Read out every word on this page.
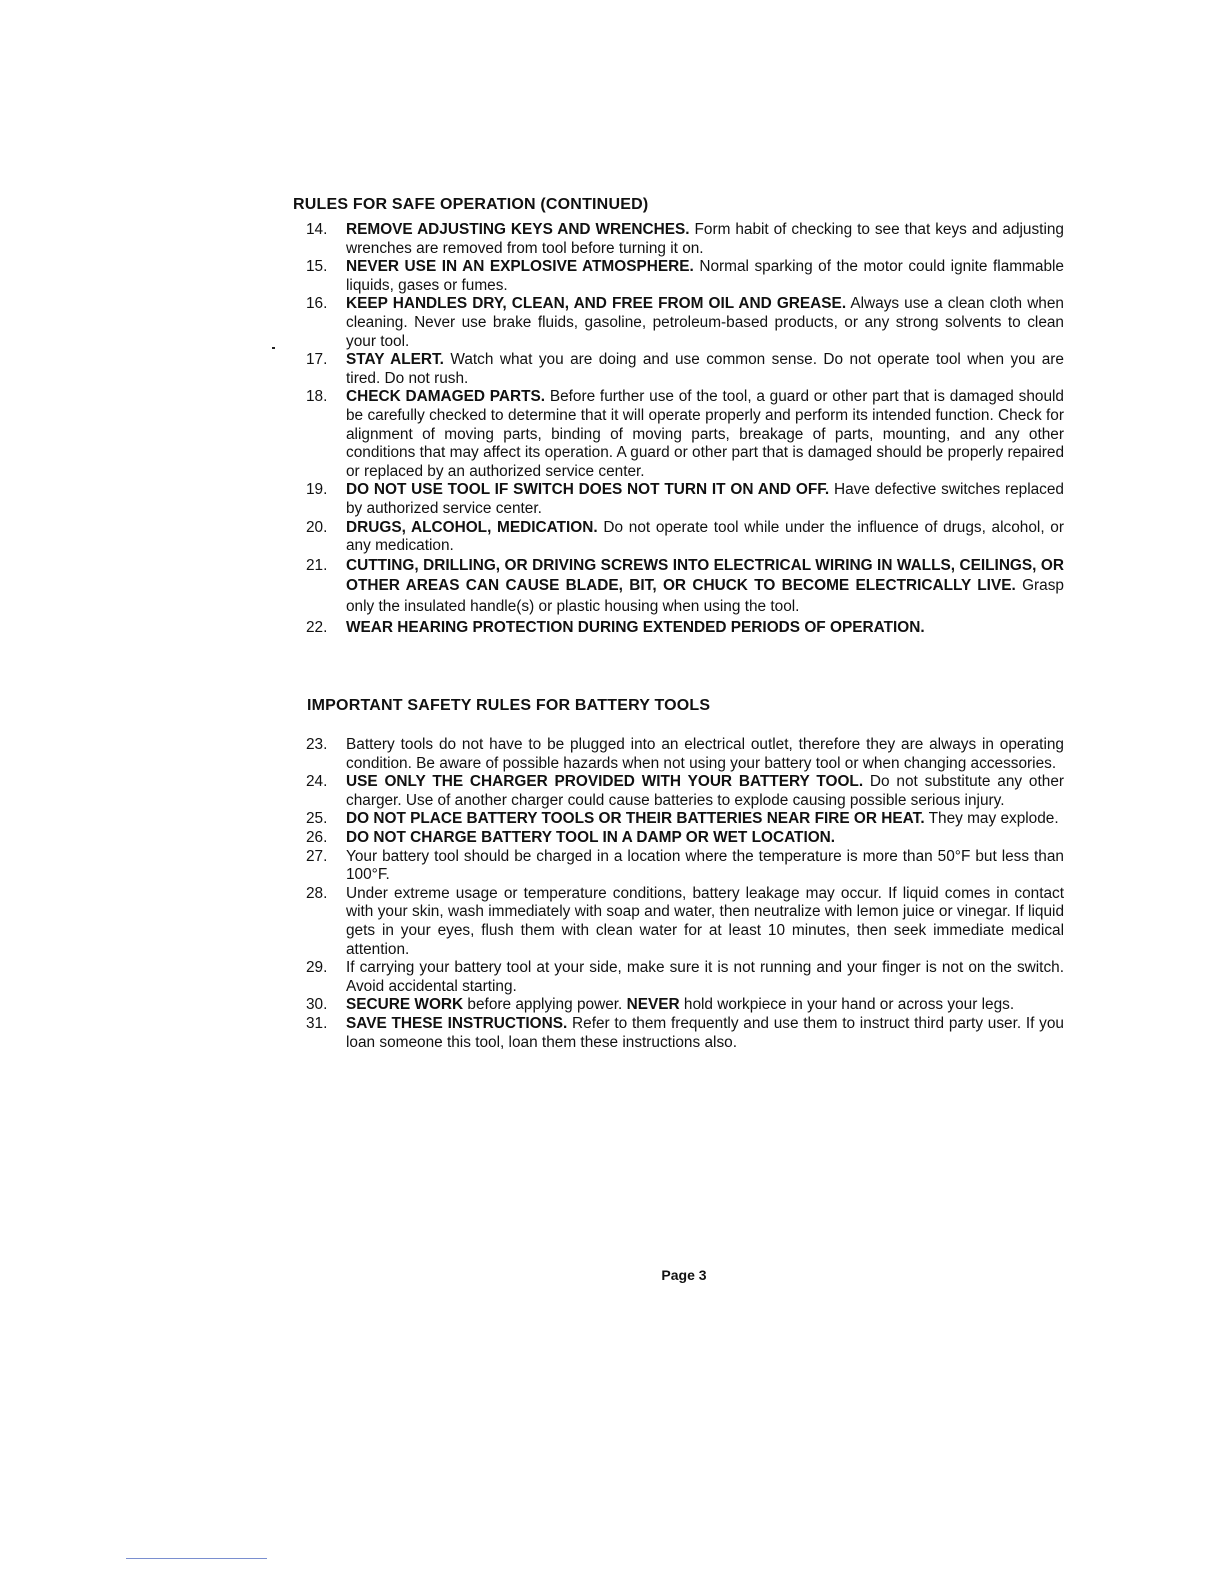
RULES FOR SAFE OPERATION (CONTINUED)
14.	REMOVE ADJUSTING KEYS AND WRENCHES. Form habit of checking to see that keys and adjusting wrenches are removed from tool before turning it on.
15.	NEVER USE IN AN EXPLOSIVE ATMOSPHERE. Normal sparking of the motor could ignite flammable liquids, gases or fumes.
16.	KEEP HANDLES DRY, CLEAN, AND FREE FROM OIL AND GREASE. Always use a clean cloth when cleaning. Never use brake fluids, gasoline, petroleum-based products, or any strong solvents to clean your tool.
17.	STAY ALERT. Watch what you are doing and use common sense. Do not operate tool when you are tired. Do not rush.
18.	CHECK DAMAGED PARTS. Before further use of the tool, a guard or other part that is damaged should be carefully checked to determine that it will operate properly and perform its intended function. Check for alignment of moving parts, binding of moving parts, breakage of parts, mounting, and any other conditions that may affect its operation. A guard or other part that is damaged should be properly repaired or replaced by an authorized service center.
19.	DO NOT USE TOOL IF SWITCH DOES NOT TURN IT ON AND OFF. Have defective switches replaced by authorized service center.
20.	DRUGS, ALCOHOL, MEDICATION. Do not operate tool while under the influence of drugs, alcohol, or any medication.
21.	CUTTING, DRILLING, OR DRIVING SCREWS INTO ELECTRICAL WIRING IN WALLS, CEILINGS, OR OTHER AREAS CAN CAUSE BLADE, BIT, OR CHUCK TO BECOME ELECTRICALLY LIVE. Grasp only the insulated handle(s) or plastic housing when using the tool.
22.	WEAR HEARING PROTECTION DURING EXTENDED PERIODS OF OPERATION.
IMPORTANT SAFETY RULES FOR BATTERY TOOLS
23.	Battery tools do not have to be plugged into an electrical outlet, therefore they are always in operating condition. Be aware of possible hazards when not using your battery tool or when changing accessories.
24.	USE ONLY THE CHARGER PROVIDED WITH YOUR BATTERY TOOL. Do not substitute any other charger. Use of another charger could cause batteries to explode causing possible serious injury.
25.	DO NOT PLACE BATTERY TOOLS OR THEIR BATTERIES NEAR FIRE OR HEAT. They may explode.
26.	DO NOT CHARGE BATTERY TOOL IN A DAMP OR WET LOCATION.
27.	Your battery tool should be charged in a location where the temperature is more than 50°F but less than 100°F.
28.	Under extreme usage or temperature conditions, battery leakage may occur. If liquid comes in contact with your skin, wash immediately with soap and water, then neutralize with lemon juice or vinegar. If liquid gets in your eyes, flush them with clean water for at least 10 minutes, then seek immediate medical attention.
29.	If carrying your battery tool at your side, make sure it is not running and your finger is not on the switch. Avoid accidental starting.
30.	SECURE WORK before applying power. NEVER hold workpiece in your hand or across your legs.
31.	SAVE THESE INSTRUCTIONS. Refer to them frequently and use them to instruct third party user. If you loan someone this tool, loan them these instructions also.
Page 3
